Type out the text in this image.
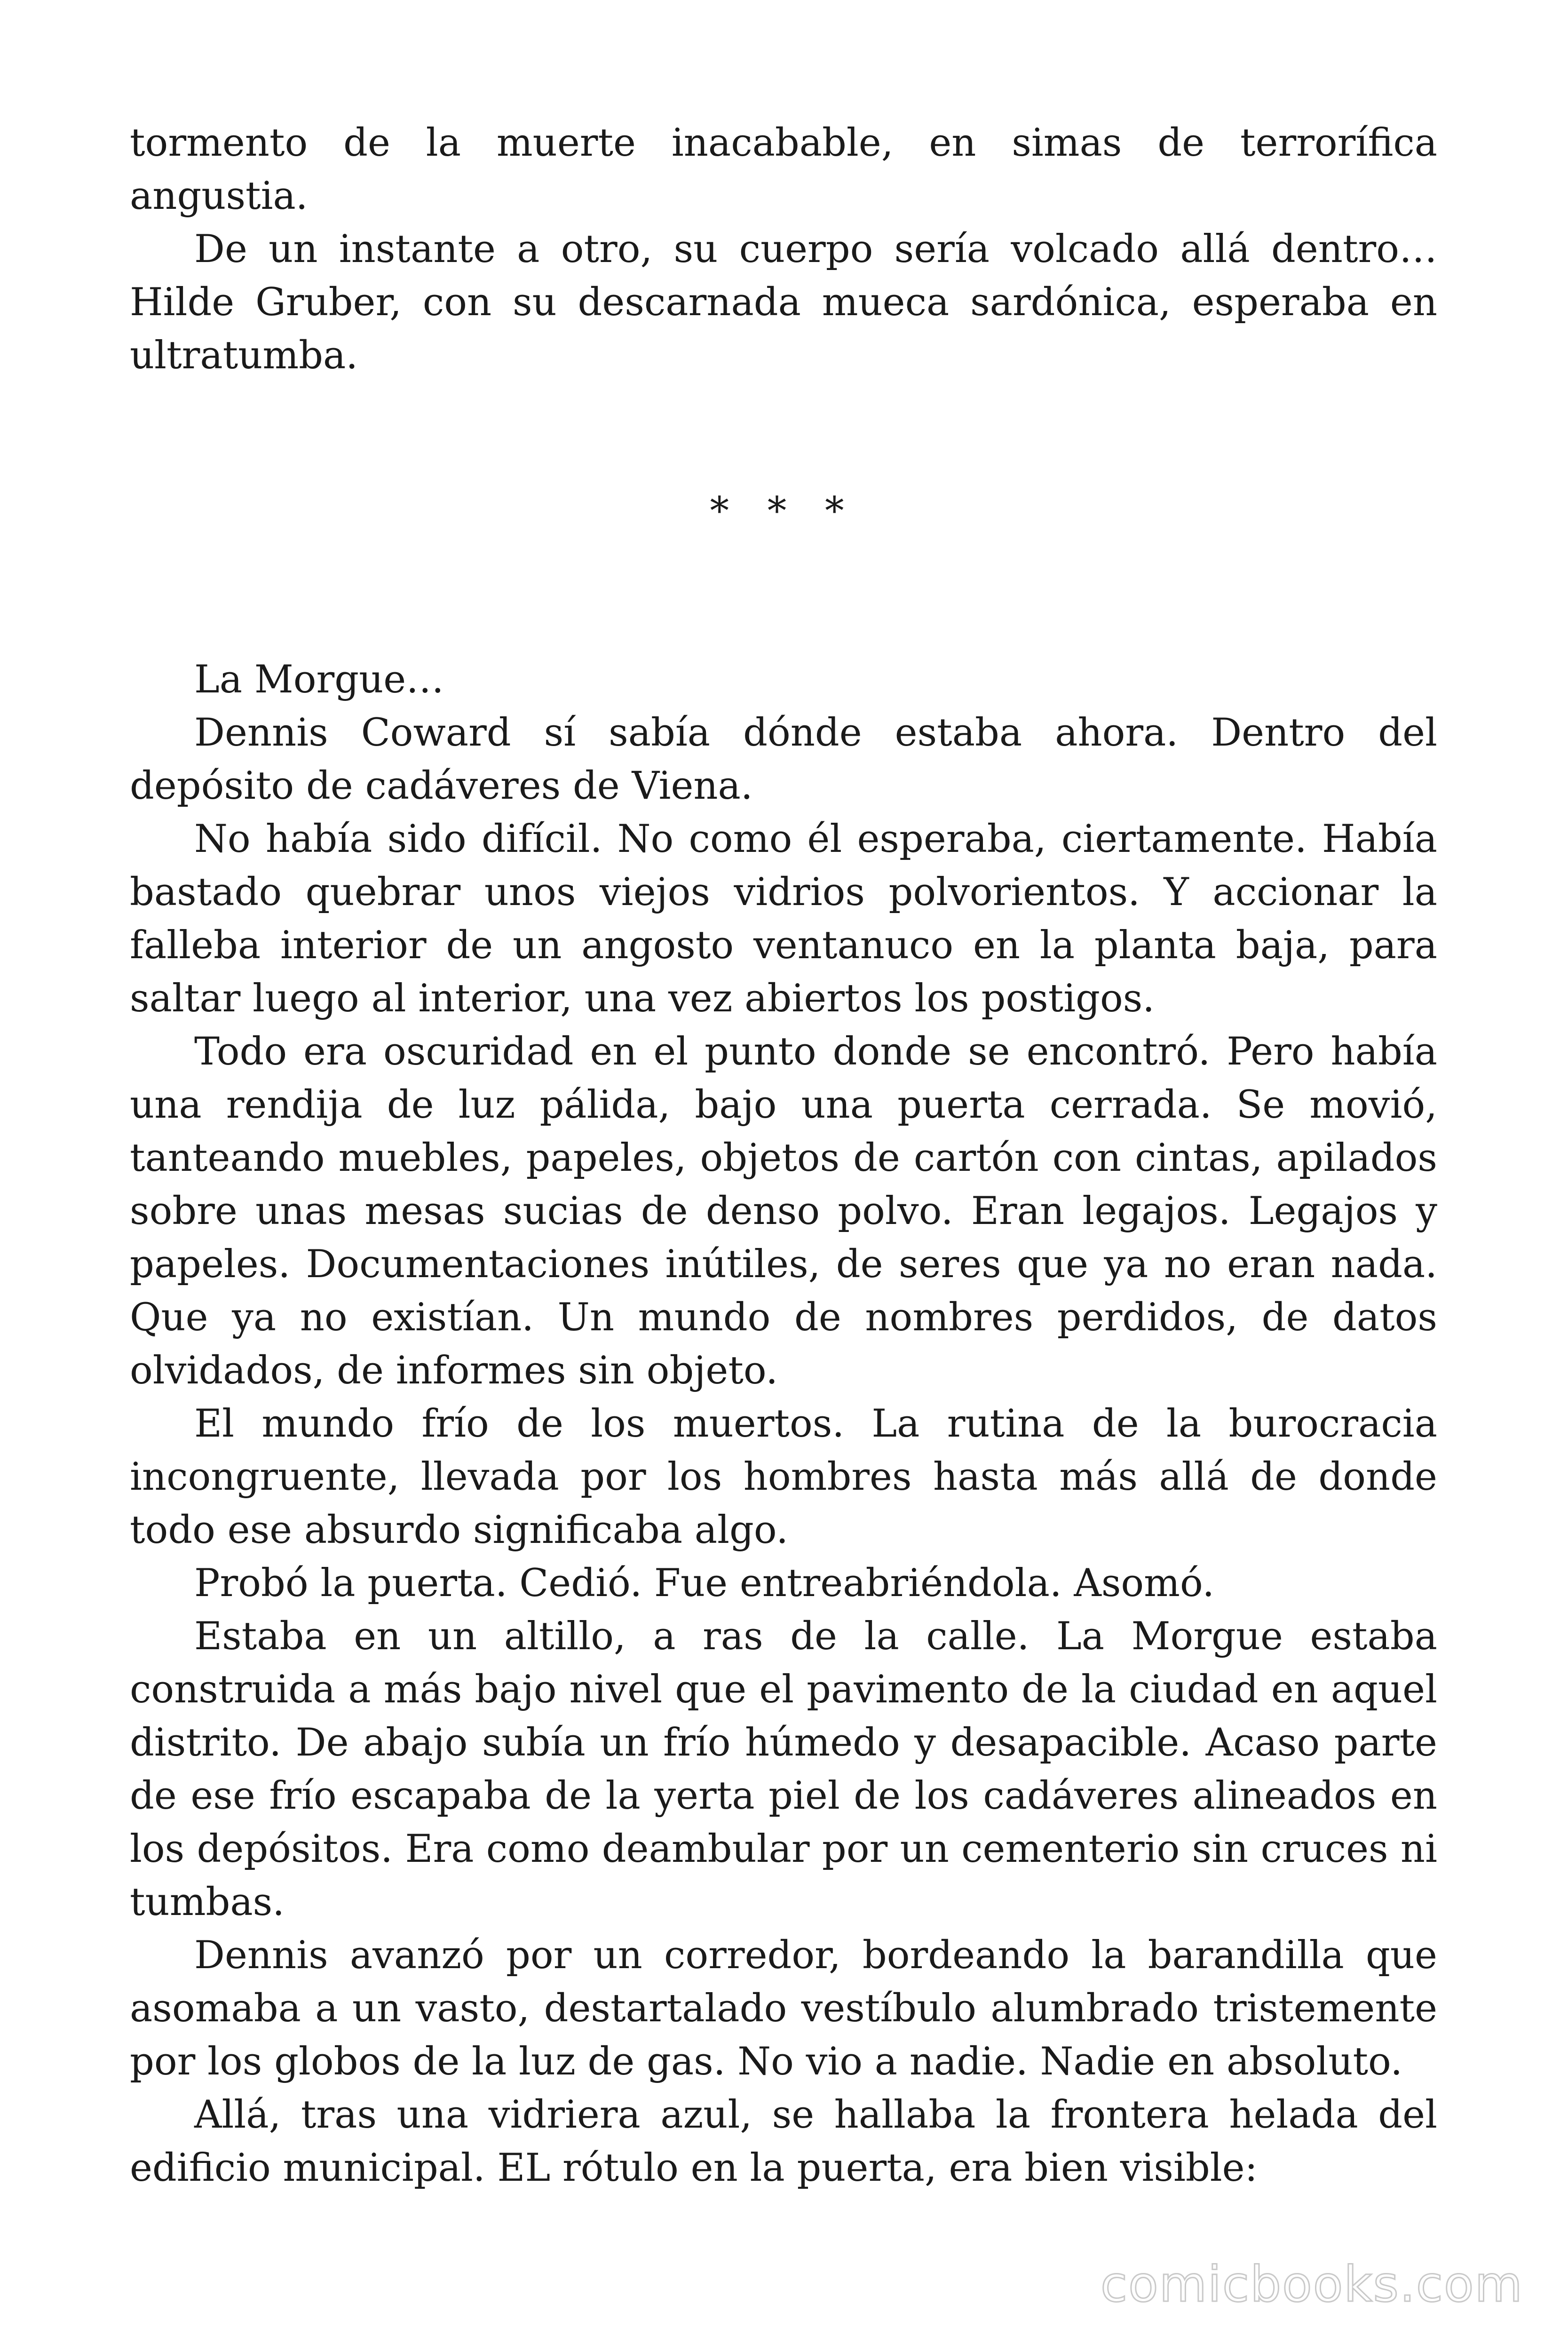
tormento de la muerte inacabable, en simas de terrorífica angustia.

De un instante a otro, su cuerpo sería volcado allá dentro… Hilde Gruber, con su descarnada mueca sardónica, esperaba en ultratumba.

* * *

La Morgue…

Dennis Coward sí sabía dónde estaba ahora. Dentro del depósito de cadáveres de Viena.

No había sido difícil. No como él esperaba, ciertamente. Había bastado quebrar unos viejos vidrios polvorientos. Y accionar la falleba interior de un angosto ventanuco en la planta baja, para saltar luego al interior, una vez abiertos los postigos.

Todo era oscuridad en el punto donde se encontró. Pero había una rendija de luz pálida, bajo una puerta cerrada. Se movió, tanteando muebles, papeles, objetos de cartón con cintas, apilados sobre unas mesas sucias de denso polvo. Eran legajos. Legajos y papeles. Documentaciones inútiles, de seres que ya no eran nada. Que ya no existían. Un mundo de nombres perdidos, de datos olvidados, de informes sin objeto.

El mundo frío de los muertos. La rutina de la burocracia incongruente, llevada por los hombres hasta más allá de donde todo ese absurdo significaba algo.

Probó la puerta. Cedió. Fue entreabriéndola. Asomó.

Estaba en un altillo, a ras de la calle. La Morgue estaba construida a más bajo nivel que el pavimento de la ciudad en aquel distrito. De abajo subía un frío húmedo y desapacible. Acaso parte de ese frío escapaba de la yerta piel de los cadáveres alineados en los depósitos. Era como deambular por un cementerio sin cruces ni tumbas.

Dennis avanzó por un corredor, bordeando la barandilla que asomaba a un vasto, destartalado vestíbulo alumbrado tristemente por los globos de la luz de gas. No vio a nadie. Nadie en absoluto.

Allá, tras una vidriera azul, se hallaba la frontera helada del edificio municipal. EL rótulo en la puerta, era bien visible:

comicbooks.com
